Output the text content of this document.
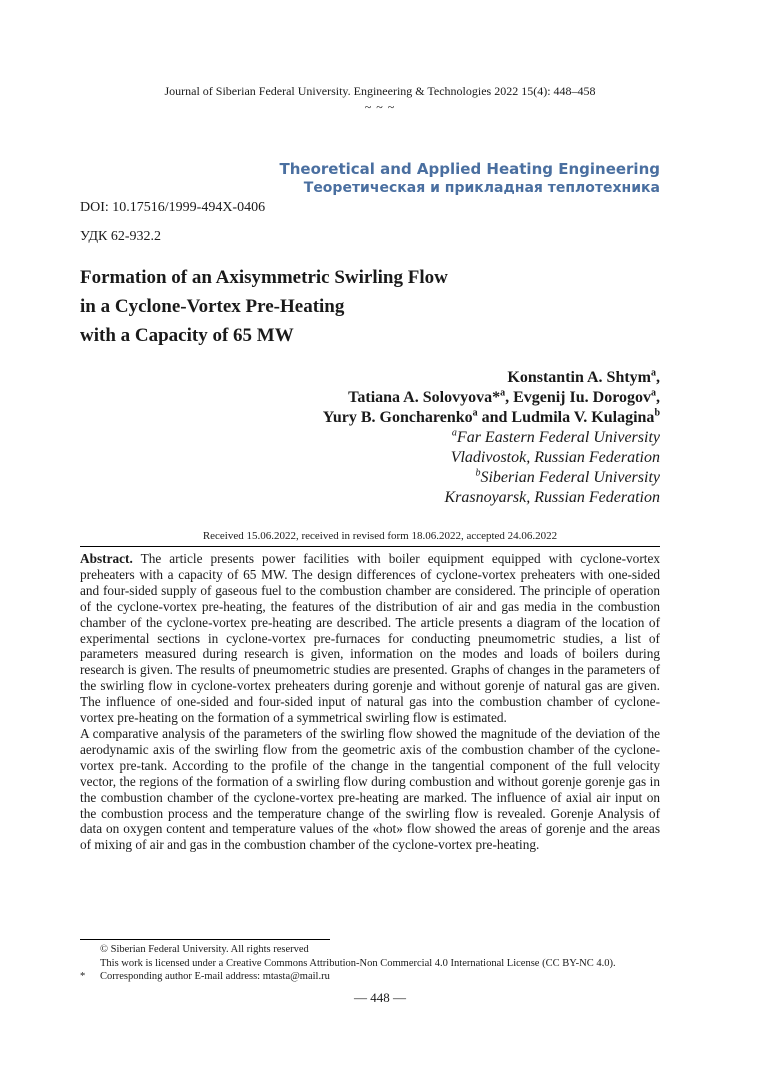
Journal of Siberian Federal University. Engineering & Technologies 2022 15(4): 448–458
~ ~ ~
Theoretical and Applied Heating Engineering
Теоретическая и прикладная теплотехника
DOI: 10.17516/1999-494X-0406
УДК 62-932.2
Formation of an Axisymmetric Swirling Flow
in a Cyclone-Vortex Pre-Heating
with a Capacity of 65 MW
Konstantin A. Shtym$^a$,
Tatiana A. Solovyova*$^a$, Evgenij Iu. Dorogov$^a$,
Yury B. Goncharenko$^a$ and Ludmila V. Kulagina$^b$
$^a$Far Eastern Federal University
Vladivostok, Russian Federation
$^b$Siberian Federal University
Krasnoyarsk, Russian Federation
Received 15.06.2022, received in revised form 18.06.2022, accepted 24.06.2022

Abstract. The article presents power facilities with boiler equipment equipped with cyclone-vortex preheaters with a capacity of 65 MW. The design differences of cyclone-vortex preheaters with one-sided and four-sided supply of gaseous fuel to the combustion chamber are considered. The principle of operation of the cyclone-vortex pre-heating, the features of the distribution of air and gas media in the combustion chamber of the cyclone-vortex pre-heating are described. The article presents a diagram of the location of experimental sections in cyclone-vortex pre-furnaces for conducting pneumometric studies, a list of parameters measured during research is given, information on the modes and loads of boilers during research is given. The results of pneumometric studies are presented. Graphs of changes in the parameters of the swirling flow in cyclone-vortex preheaters during gorenje and without gorenje of natural gas are given. The influence of one-sided and four-sided input of natural gas into the combustion chamber of cyclone-vortex pre-heating on the formation of a symmetrical swirling flow is estimated.

A comparative analysis of the parameters of the swirling flow showed the magnitude of the deviation of the aerodynamic axis of the swirling flow from the geometric axis of the combustion chamber of the cyclone-vortex pre-tank. According to the profile of the change in the tangential component of the full velocity vector, the regions of the formation of a swirling flow during combustion and without gorenje gorenje gas in the combustion chamber of the cyclone-vortex pre-heating are marked. The influence of axial air input on the combustion process and the temperature change of the swirling flow is revealed. Gorenje Analysis of data on oxygen content and temperature values of the «hot» flow showed the areas of gorenje and the areas of mixing of air and gas in the combustion chamber of the cyclone-vortex pre-heating.

© Siberian Federal University. All rights reserved
This work is licensed under a Creative Commons Attribution-Non Commercial 4.0 International License (CC BY-NC 4.0).
* Corresponding author E-mail address: mtasta@mail.ru
— 448 —
